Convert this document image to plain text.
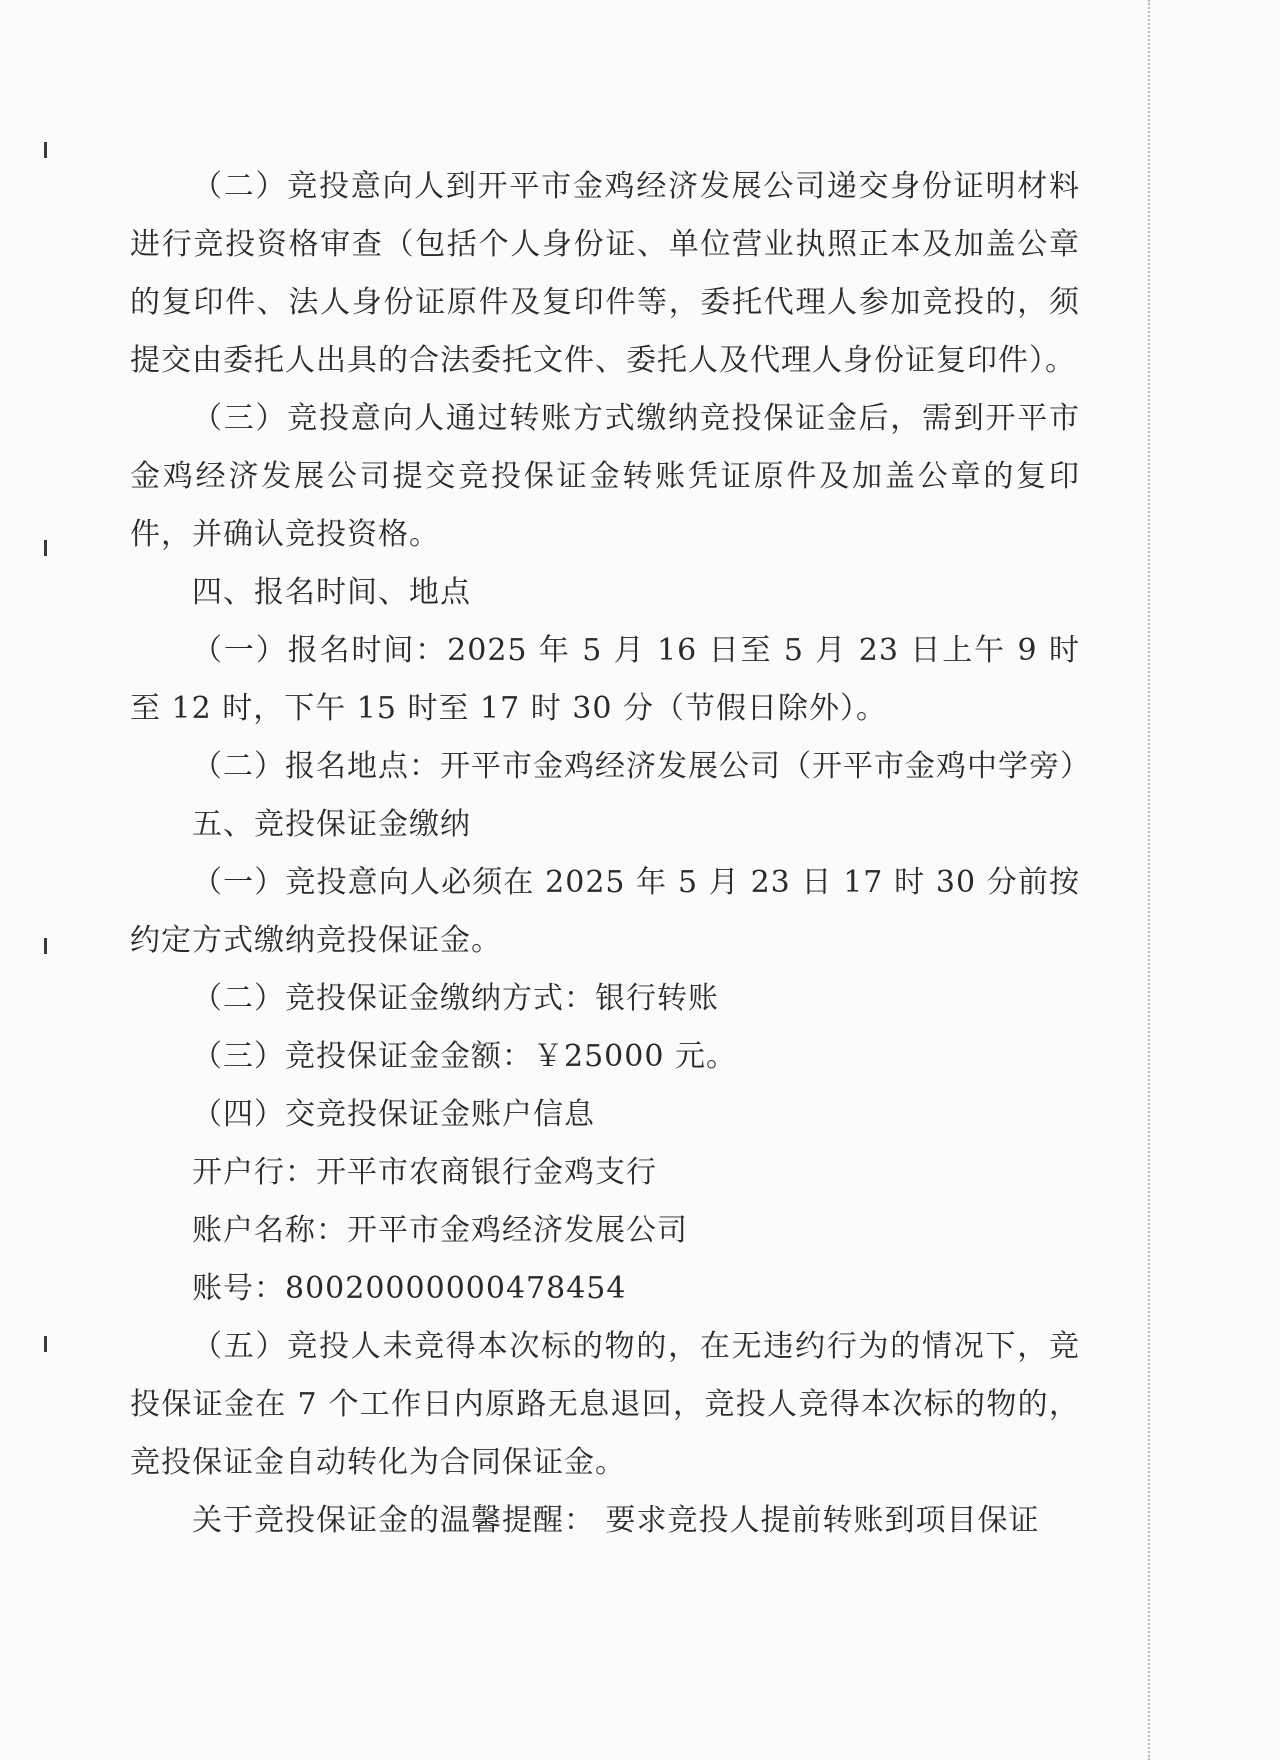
（二）竞投意向人到开平市金鸡经济发展公司递交身份证明材料进行竞投资格审查（包括个人身份证、单位营业执照正本及加盖公章的复印件、法人身份证原件及复印件等，委托代理人参加竞投的，须提交由委托人出具的合法委托文件、委托人及代理人身份证复印件）。

（三）竞投意向人通过转账方式缴纳竞投保证金后，需到开平市金鸡经济发展公司提交竞投保证金转账凭证原件及加盖公章的复印件，并确认竞投资格。

四、报名时间、地点

（一）报名时间：2025 年 5 月 16 日至 5 月 23 日上午 9 时至 12 时，下午 15 时至 17 时 30 分（节假日除外）。

（二）报名地点：开平市金鸡经济发展公司（开平市金鸡中学旁）

五、竞投保证金缴纳

（一）竞投意向人必须在 2025 年 5 月 23 日 17 时 30 分前按约定方式缴纳竞投保证金。

（二）竞投保证金缴纳方式：银行转账

（三）竞投保证金金额：￥25000 元。

（四）交竞投保证金账户信息

开户行：开平市农商银行金鸡支行

账户名称：开平市金鸡经济发展公司

账号：80020000000478454

（五）竞投人未竞得本次标的物的，在无违约行为的情况下，竞投保证金在 7 个工作日内原路无息退回，竞投人竞得本次标的物的，竞投保证金自动转化为合同保证金。

关于竞投保证金的温馨提醒： 要求竞投人提前转账到项目保证
